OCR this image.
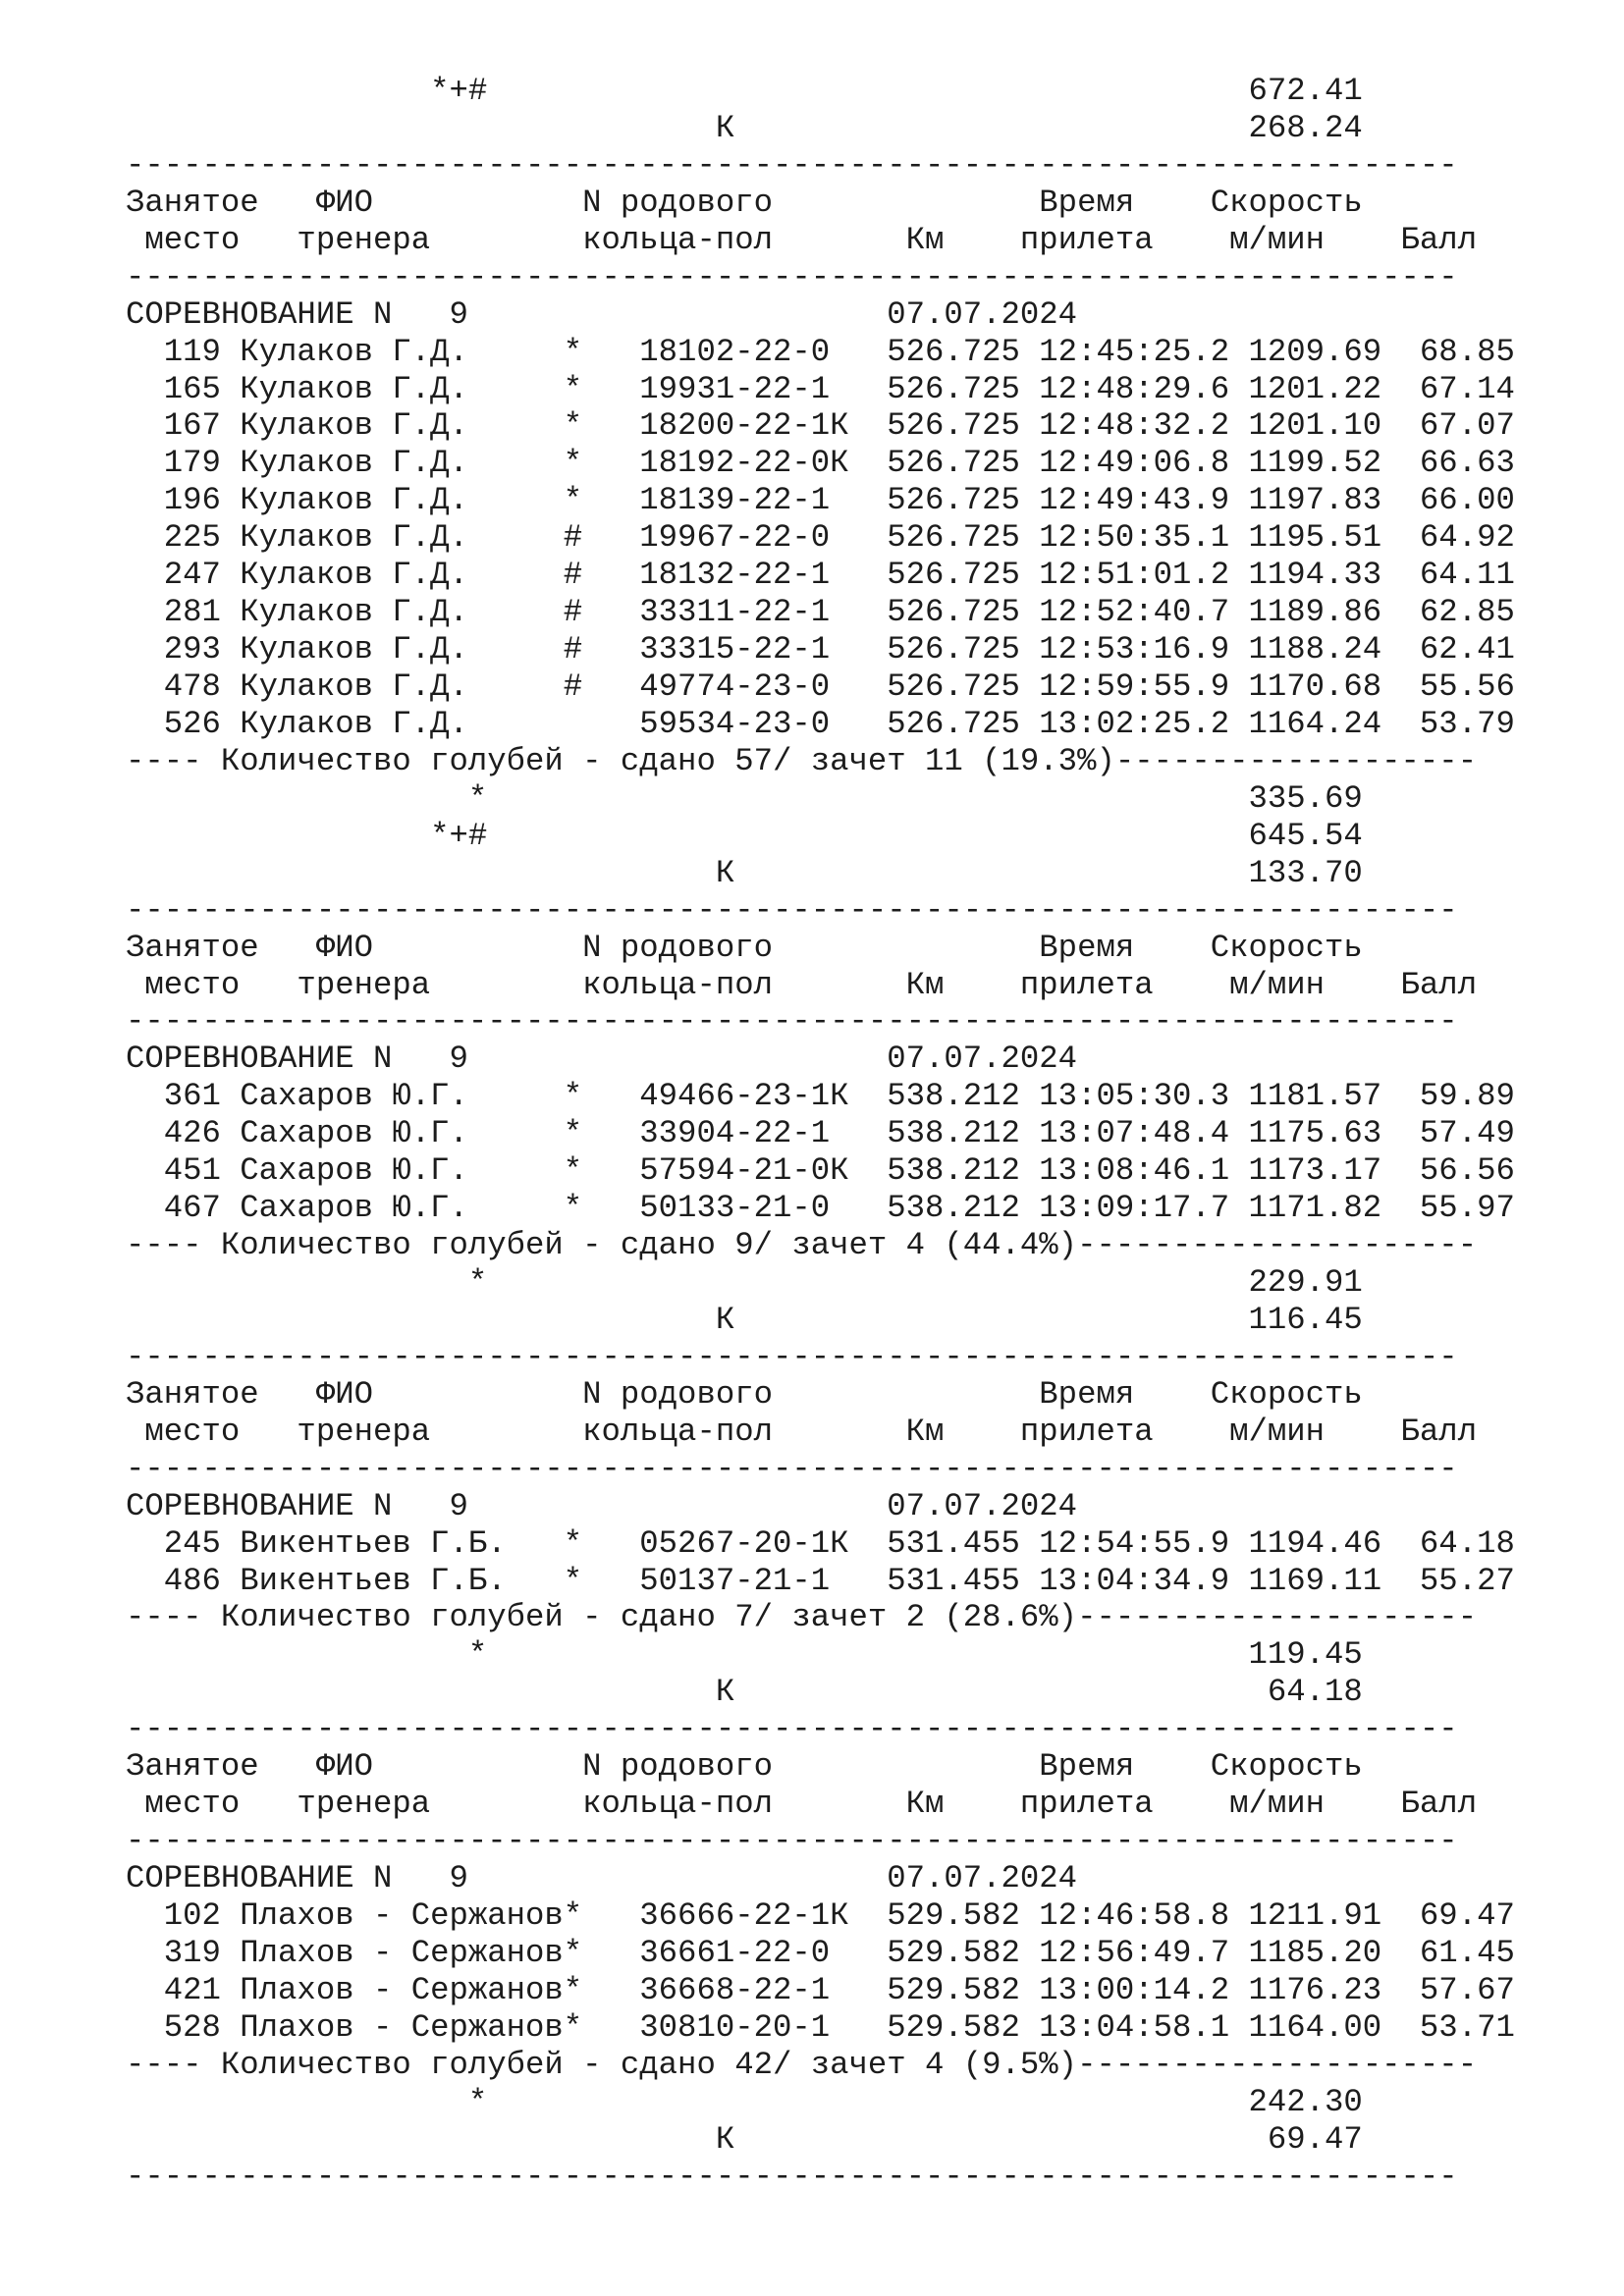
*+#                                        672.41
К                           268.24
----------------------------------------------------------------------
Занятое   ФИО           N родового              Время    Скорость
место   тренера        кольца-пол       Км    прилета    м/мин    Балл
----------------------------------------------------------------------
СОРЕВНОВАНИЕ N   9                      07.07.2024
119 Кулаков Г.Д.     *   18102-22-0   526.725 12:45:25.2 1209.69  68.85
165 Кулаков Г.Д.     *   19931-22-1   526.725 12:48:29.6 1201.22  67.14
167 Кулаков Г.Д.     *   18200-22-1К  526.725 12:48:32.2 1201.10  67.07
179 Кулаков Г.Д.     *   18192-22-0К  526.725 12:49:06.8 1199.52  66.63
196 Кулаков Г.Д.     *   18139-22-1   526.725 12:49:43.9 1197.83  66.00
225 Кулаков Г.Д.     #   19967-22-0   526.725 12:50:35.1 1195.51  64.92
247 Кулаков Г.Д.     #   18132-22-1   526.725 12:51:01.2 1194.33  64.11
281 Кулаков Г.Д.     #   33311-22-1   526.725 12:52:40.7 1189.86  62.85
293 Кулаков Г.Д.     #   33315-22-1   526.725 12:53:16.9 1188.24  62.41
478 Кулаков Г.Д.     #   49774-23-0   526.725 12:59:55.9 1170.68  55.56
526 Кулаков Г.Д.         59534-23-0   526.725 13:02:25.2 1164.24  53.79
---- Количество голубей - сдано 57/ зачет 11 (19.3%)-------------------
*                                        335.69
*+#                                        645.54
К                           133.70
----------------------------------------------------------------------
Занятое   ФИО           N родового              Время    Скорость
место   тренера        кольца-пол       Км    прилета    м/мин    Балл
----------------------------------------------------------------------
СОРЕВНОВАНИЕ N   9                      07.07.2024
361 Сахаров Ю.Г.     *   49466-23-1К  538.212 13:05:30.3 1181.57  59.89
426 Сахаров Ю.Г.     *   33904-22-1   538.212 13:07:48.4 1175.63  57.49
451 Сахаров Ю.Г.     *   57594-21-0К  538.212 13:08:46.1 1173.17  56.56
467 Сахаров Ю.Г.     *   50133-21-0   538.212 13:09:17.7 1171.82  55.97
---- Количество голубей - сдано 9/ зачет 4 (44.4%)---------------------
*                                        229.91
К                           116.45
----------------------------------------------------------------------
Занятое   ФИО           N родового              Время    Скорость
место   тренера        кольца-пол       Км    прилета    м/мин    Балл
----------------------------------------------------------------------
СОРЕВНОВАНИЕ N   9                      07.07.2024
245 Викентьев Г.Б.   *   05267-20-1К  531.455 12:54:55.9 1194.46  64.18
486 Викентьев Г.Б.   *   50137-21-1   531.455 13:04:34.9 1169.11  55.27
---- Количество голубей - сдано 7/ зачет 2 (28.6%)---------------------
*                                        119.45
К                            64.18
----------------------------------------------------------------------
Занятое   ФИО           N родового              Время    Скорость
место   тренера        кольца-пол       Км    прилета    м/мин    Балл
----------------------------------------------------------------------
СОРЕВНОВАНИЕ N   9                      07.07.2024
102 Плахов - Сержанов*   36666-22-1К  529.582 12:46:58.8 1211.91  69.47
319 Плахов - Сержанов*   36661-22-0   529.582 12:56:49.7 1185.20  61.45
421 Плахов - Сержанов*   36668-22-1   529.582 13:00:14.2 1176.23  57.67
528 Плахов - Сержанов*   30810-20-1   529.582 13:04:58.1 1164.00  53.71
---- Количество голубей - сдано 42/ зачет 4 (9.5%)---------------------
*                                        242.30
К                            69.47
----------------------------------------------------------------------
